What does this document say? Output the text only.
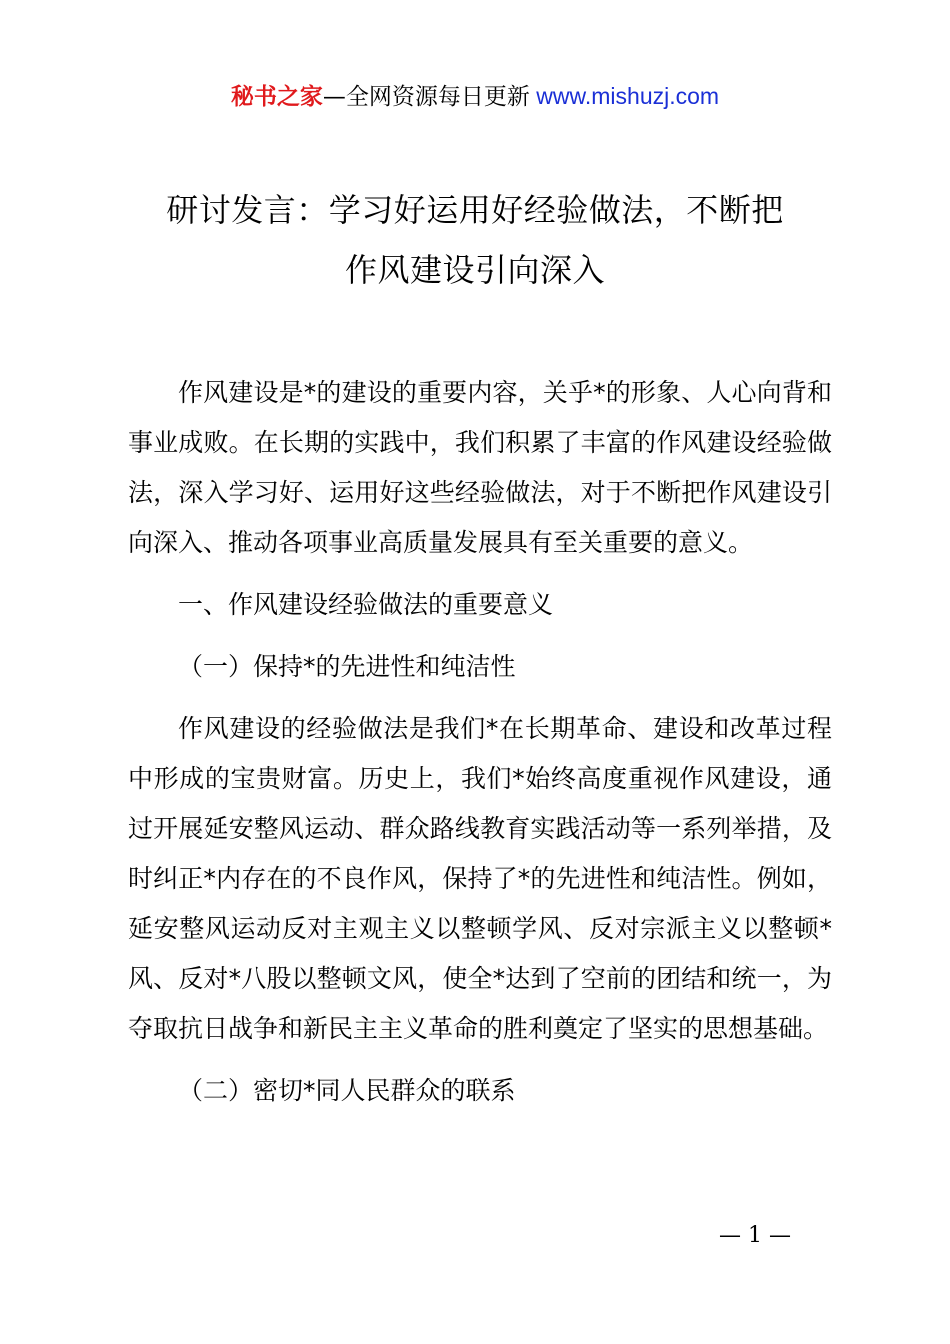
秘书之家—全网资源每日更新 www.mishuzj.com
研讨发言：学习好运用好经验做法，不断把
作风建设引向深入

作风建设是*的建设的重要内容，关乎*的形象、人心向背和事业成败。在长期的实践中，我们积累了丰富的作风建设经验做法，深入学习好、运用好这些经验做法，对于不断把作风建设引向深入、推动各项事业高质量发展具有至关重要的意义。

一、作风建设经验做法的重要意义

（一）保持*的先进性和纯洁性

作风建设的经验做法是我们*在长期革命、建设和改革过程中形成的宝贵财富。历史上，我们*始终高度重视作风建设，通过开展延安整风运动、群众路线教育实践活动等一系列举措，及时纠正*内存在的不良作风，保持了*的先进性和纯洁性。例如，延安整风运动反对主观主义以整顿学风、反对宗派主义以整顿*风、反对*八股以整顿文风，使全*达到了空前的团结和统一，为夺取抗日战争和新民主主义革命的胜利奠定了坚实的思想基础。

（二）密切*同人民群众的联系

— 1 —
